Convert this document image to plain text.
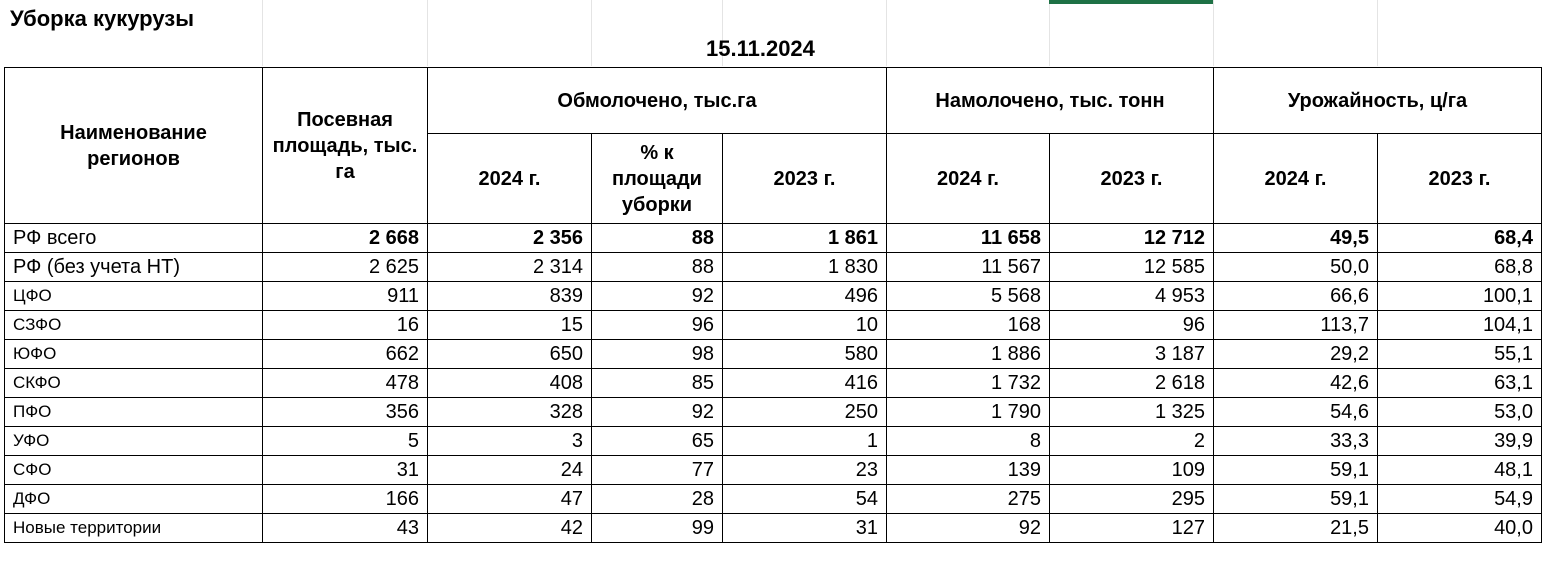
Уборка кукурузы
15.11.2024
Наименование регионов	Посевная площадь, тыс. га	Обмолочено, тыс.га			Намолочено, тыс. тонн		Урожайность, ц/га	
		2024 г.	% к площади уборки	2023 г.	2024 г.	2023 г.	2024 г.	2023 г.
РФ всего	2 668	2 356	88	1 861	11 658	12 712	49,5	68,4
РФ (без учета НТ)	2 625	2 314	88	1 830	11 567	12 585	50,0	68,8
ЦФО	911	839	92	496	5 568	4 953	66,6	100,1
СЗФО	16	15	96	10	168	96	113,7	104,1
ЮФО	662	650	98	580	1 886	3 187	29,2	55,1
СКФО	478	408	85	416	1 732	2 618	42,6	63,1
ПФО	356	328	92	250	1 790	1 325	54,6	53,0
УФО	5	3	65	1	8	2	33,3	39,9
СФО	31	24	77	23	139	109	59,1	48,1
ДФО	166	47	28	54	275	295	59,1	54,9
Новые территории	43	42	99	31	92	127	21,5	40,0
